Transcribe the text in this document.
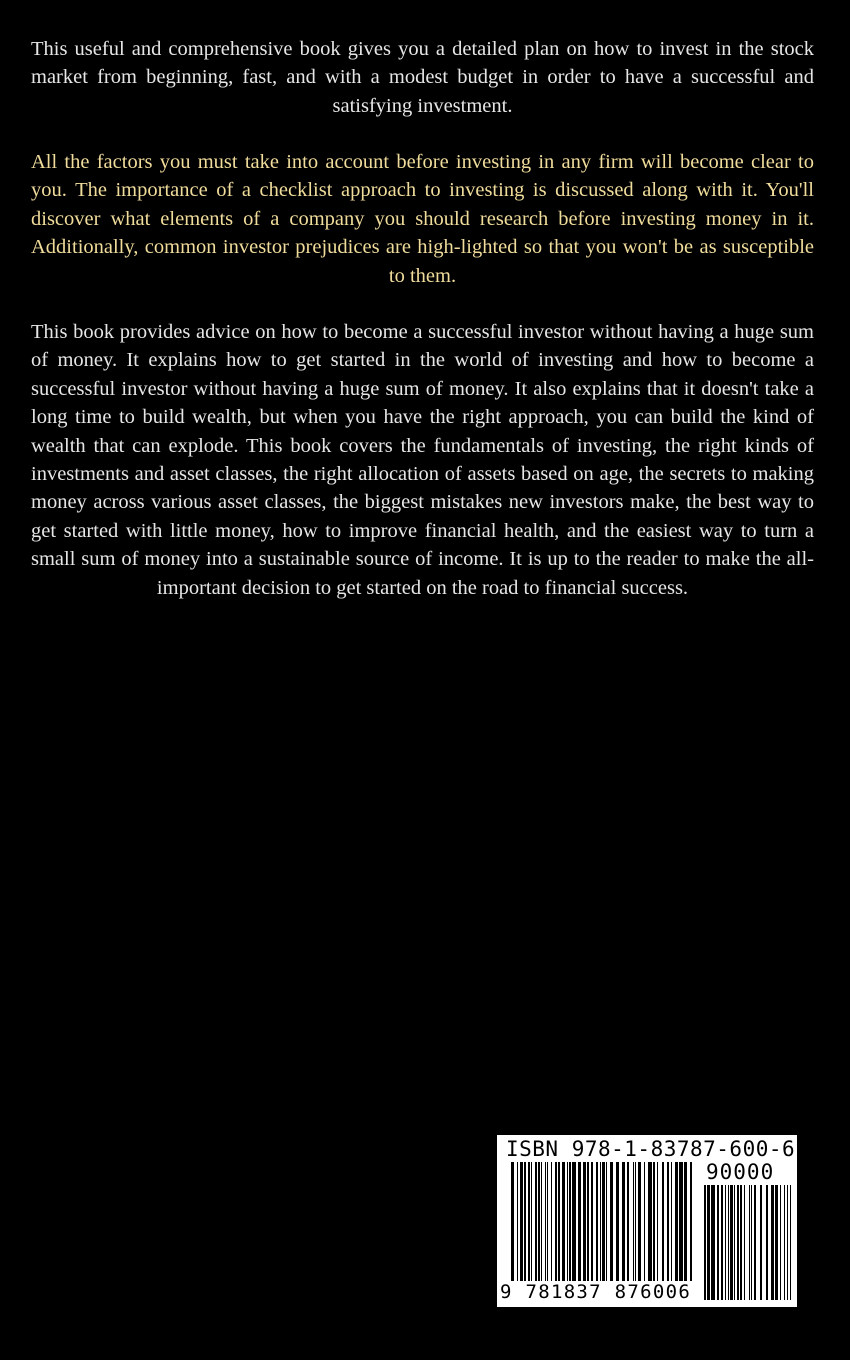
This useful and comprehensive book gives you a detailed plan on how to invest in the stock market from beginning, fast, and with a modest budget in order to have a successful and satisfying investment.

All the factors you must take into account before investing in any firm will become clear to you. The importance of a checklist approach to investing is discussed along with it. You'll discover what elements of a company you should research before investing money in it. Additionally, common investor prejudices are high-lighted so that you won't be as susceptible to them.

This book provides advice on how to become a successful investor without having a huge sum of money. It explains how to get started in the world of investing and how to become a successful investor without having a huge sum of money. It also explains that it doesn't take a long time to build wealth, but when you have the right approach, you can build the kind of wealth that can explode. This book covers the fundamentals of investing, the right kinds of investments and asset classes, the right allocation of assets based on age, the secrets to making money across various asset classes, the biggest mistakes new investors make, the best way to get started with little money, how to improve financial health, and the easiest way to turn a small sum of money into a sustainable source of income. It is up to the reader to make the all-important decision to get started on the road to financial success.

ISBN 978-1-83787-600-6
90000
9 781837 876006
